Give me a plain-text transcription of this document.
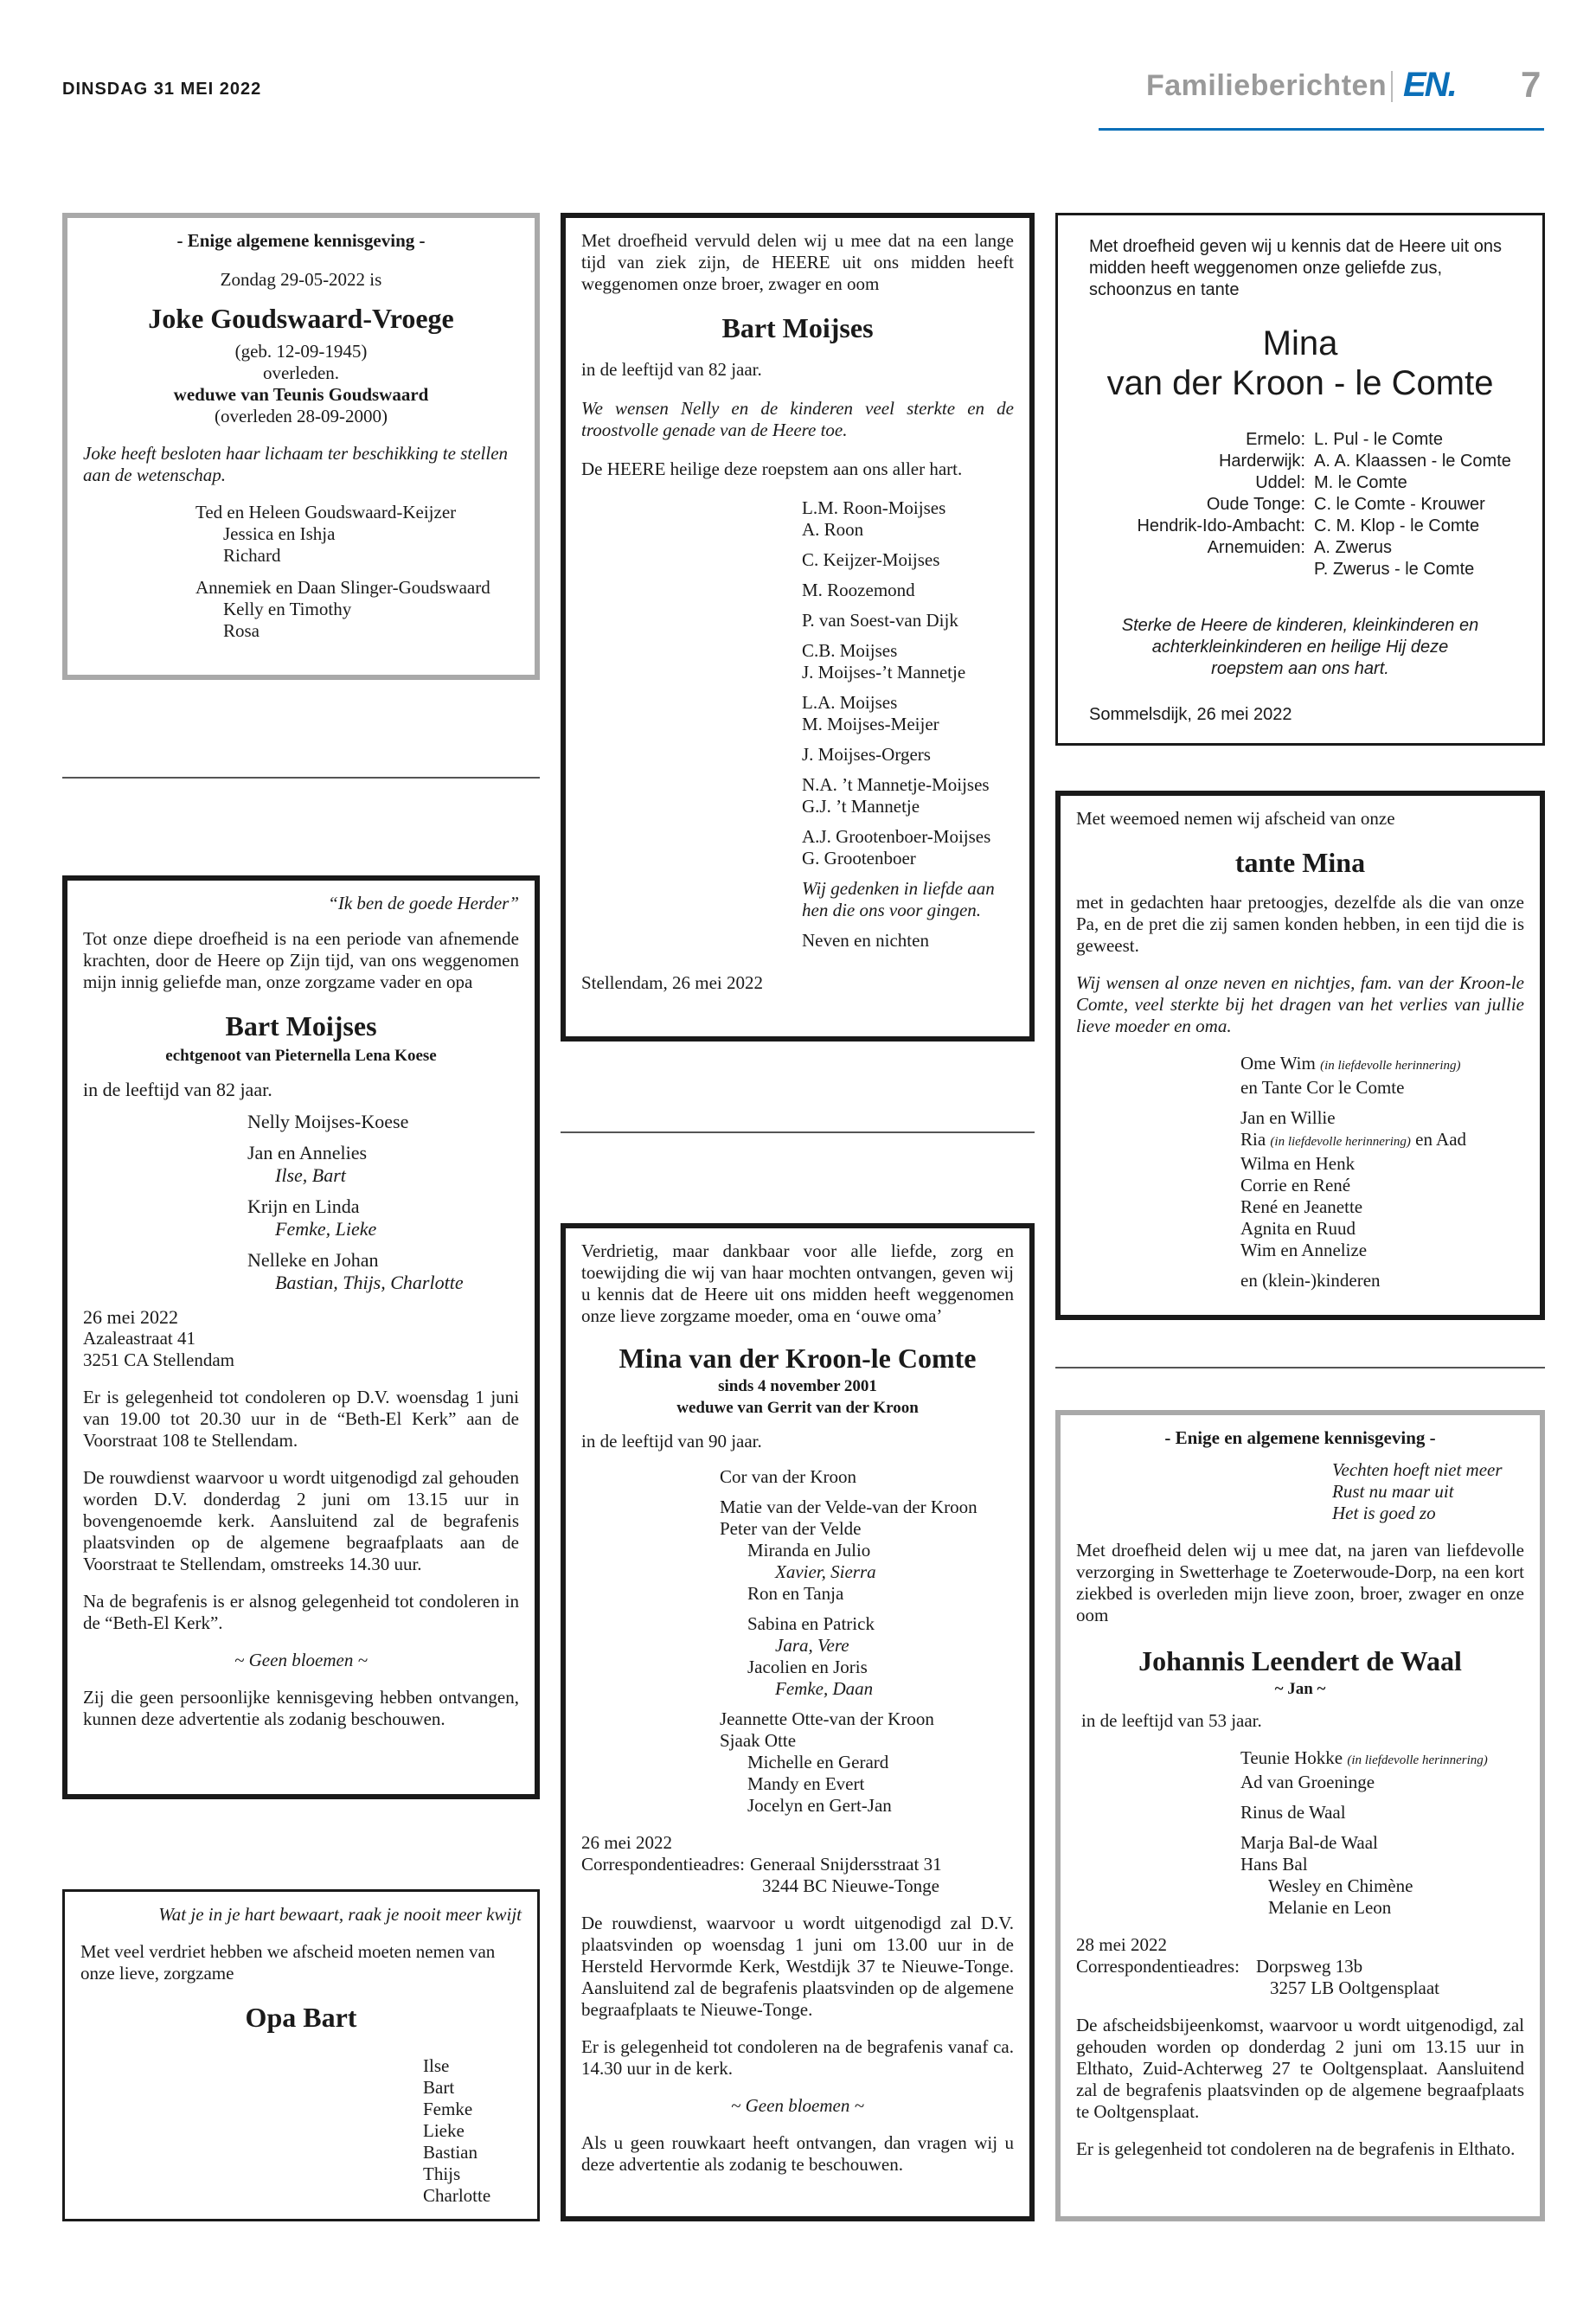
DINSDAG 31 MEI 2022	Familieberichten EN. 7

- Enige algemene kennisgeving -

Zondag 29-05-2022 is

Joke Goudswaard-Vroege
(geb. 12-09-1945)
overleden.
weduwe van Teunis Goudswaard

(overleden 28-09-2000)

Joke heeft besloten haar lichaam ter beschikking te stellen aan de wetenschap.

Ted en Heleen Goudswaard-Keijzer
Jessica en Ishja
Richard
Annemiek en Daan Slinger-Goudswaard
Kelly en Timothy
Rosa

“Ik ben de goede Herder”

Tot onze diepe droefheid is na een periode van afnemende krachten, door de Heere op Zijn tijd, van ons weggenomen mijn innig geliefde man, onze zorgzame vader en opa

Bart Moijses

echtgenoot van Pieternella Lena Koese

in de leeftijd van 82 jaar.

Nelly Moijses-Koese
Jan en Annelies
Ilse, Bart
Krijn en Linda
Femke, Lieke
Nelleke en Johan
Bastian, Thijs, Charlotte
26 mei 2022
Azaleastraat 41

3251 CA Stellendam

Er is gelegenheid tot condoleren op D.V. woensdag 1 juni van 19.00 tot 20.30 uur in de “Beth-El Kerk” aan de Voorstraat 108 te Stellendam.

De rouwdienst waarvoor u wordt uitgenodigd zal gehouden worden D.V. donderdag 2 juni om 13.15 uur in bovengenoemde kerk. Aansluitend zal de begrafenis plaatsvinden op de algemene begraafplaats aan de Voorstraat te Stellendam, omstreeks 14.30 uur.

Na de begrafenis is er alsnog gelegenheid tot condoleren in de “Beth-El Kerk”.

~ Geen bloemen ~

Zij die geen persoonlijke kennisgeving hebben ontvangen, kunnen deze advertentie als zodanig beschouwen.

Wat je in je hart bewaart, raak je nooit meer kwijt

Met veel verdriet hebben we afscheid moeten nemen van onze lieve, zorgzame

Opa Bart
Ilse
Bart
Femke
Lieke
Bastian
Thijs
Charlotte

Met droefheid vervuld delen wij u mee dat na een lange tijd van ziek zijn, de HEERE uit ons midden heeft weggenomen onze broer, zwager en oom

Bart Moijses

in de leeftijd van 82 jaar.

We wensen Nelly en de kinderen veel sterkte en de troostvolle genade van de Heere toe.

De HEERE heilige deze roepstem aan ons aller hart.

L.M. Roon-Moijses
A. Roon
C. Keijzer-Moijses
M. Roozemond
P. van Soest-van Dijk
C.B. Moijses
J. Moijses-’t Mannetje
L.A. Moijses
M. Moijses-Meijer
J. Moijses-Orgers
N.A. ’t Mannetje-Moijses
G.J. ’t Mannetje
A.J. Grootenboer-Moijses
G. Grootenboer
Wij gedenken in liefde aan hen die ons voor gingen.
Neven en nichten
Stellendam, 26 mei 2022

Verdrietig, maar dankbaar voor alle liefde, zorg en toewijding die wij van haar mochten ontvangen, geven wij u kennis dat de Heere uit ons midden heeft weggenomen onze lieve zorgzame moeder, oma en ‘ouwe oma’

Mina van der Kroon-le Comte
sinds 4 november 2001

weduwe van Gerrit van der Kroon

in de leeftijd van 90 jaar.

Cor van der Kroon
Matie van der Velde-van der Kroon
Peter van der Velde
Miranda en Julio
Xavier, Sierra
Ron en Tanja
Sabina en Patrick
Jara, Vere
Jacolien en Joris
Femke, Daan
Jeannette Otte-van der Kroon
Sjaak Otte
Michelle en Gerard
Mandy en Evert
Jocelyn en Gert-Jan
26 mei 2022
Correspondentieadres: Generaal Snijdersstraat 31
3244 BC Nieuwe-Tonge

De rouwdienst, waarvoor u wordt uitgenodigd zal D.V. plaatsvinden op woensdag 1 juni om 13.00 uur in de Hersteld Hervormde Kerk, Westdijk 37 te Nieuwe-Tonge. Aansluitend zal de begrafenis plaatsvinden op de algemene begraafplaats te Nieuwe-Tonge.

Er is gelegenheid tot condoleren na de begrafenis vanaf ca. 14.30 uur in de kerk.

~ Geen bloemen ~

Als u geen rouwkaart heeft ontvangen, dan vragen wij u deze advertentie als zodanig te beschouwen.

Met droefheid geven wij u kennis dat de Heere uit ons midden heeft weggenomen onze geliefde zus, schoonzus en tante

Mina
van der Kroon - le Comte
Ermelo: L. Pul - le Comte
Harderwijk: A. A. Klaassen - le Comte
Uddel: M. le Comte
Oude Tonge: C. le Comte - Krouwer
Hendrik-Ido-Ambacht: C. M. Klop - le Comte
Arnemuiden: A. Zwerus
P. Zwerus - le Comte

Sterke de Heere de kinderen, kleinkinderen en achterkleinkinderen en heilige Hij deze roepstem aan ons hart.

Sommelsdijk, 26 mei 2022

Met weemoed nemen wij afscheid van onze

tante Mina

met in gedachten haar pretoogjes, dezelfde als die van onze Pa, en de pret die zij samen konden hebben, in een tijd die is geweest.

Wij wensen al onze neven en nichtjes, fam. van der Kroon-le Comte, veel sterkte bij het dragen van het verlies van jullie lieve moeder en oma.

Ome Wim (in liefdevolle herinnering)
en Tante Cor le Comte
Jan en Willie
Ria (in liefdevolle herinnering) en Aad
Wilma en Henk
Corrie en René
René en Jeanette
Agnita en Ruud
Wim en Annelize
en (klein-)kinderen

- Enige en algemene kennisgeving -

Vechten hoeft niet meer
Rust nu maar uit

Het is goed zo

Met droefheid delen wij u mee dat, na jaren van liefdevolle verzorging in Swetterhage te Zoeterwoude-Dorp, na een kort ziekbed is overleden mijn lieve zoon, broer, zwager en onze oom

Johannis Leendert de Waal

~ Jan ~

in de leeftijd van 53 jaar.

Teunie Hokke (in liefdevolle herinnering)
Ad van Groeninge
Rinus de Waal
Marja Bal-de Waal
Hans Bal
Wesley en Chimène
Melanie en Leon
28 mei 2022
Correspondentieadres: Dorpsweg 13b
3257 LB Ooltgensplaat

De afscheidsbijeenkomst, waarvoor u wordt uitgenodigd, zal gehouden worden op donderdag 2 juni om 13.15 uur in Elthato, Zuid-Achterweg 27 te Ooltgensplaat. Aansluitend zal de begrafenis plaatsvinden op de algemene begraafplaats te Ooltgensplaat.

Er is gelegenheid tot condoleren na de begrafenis in Elthato.
